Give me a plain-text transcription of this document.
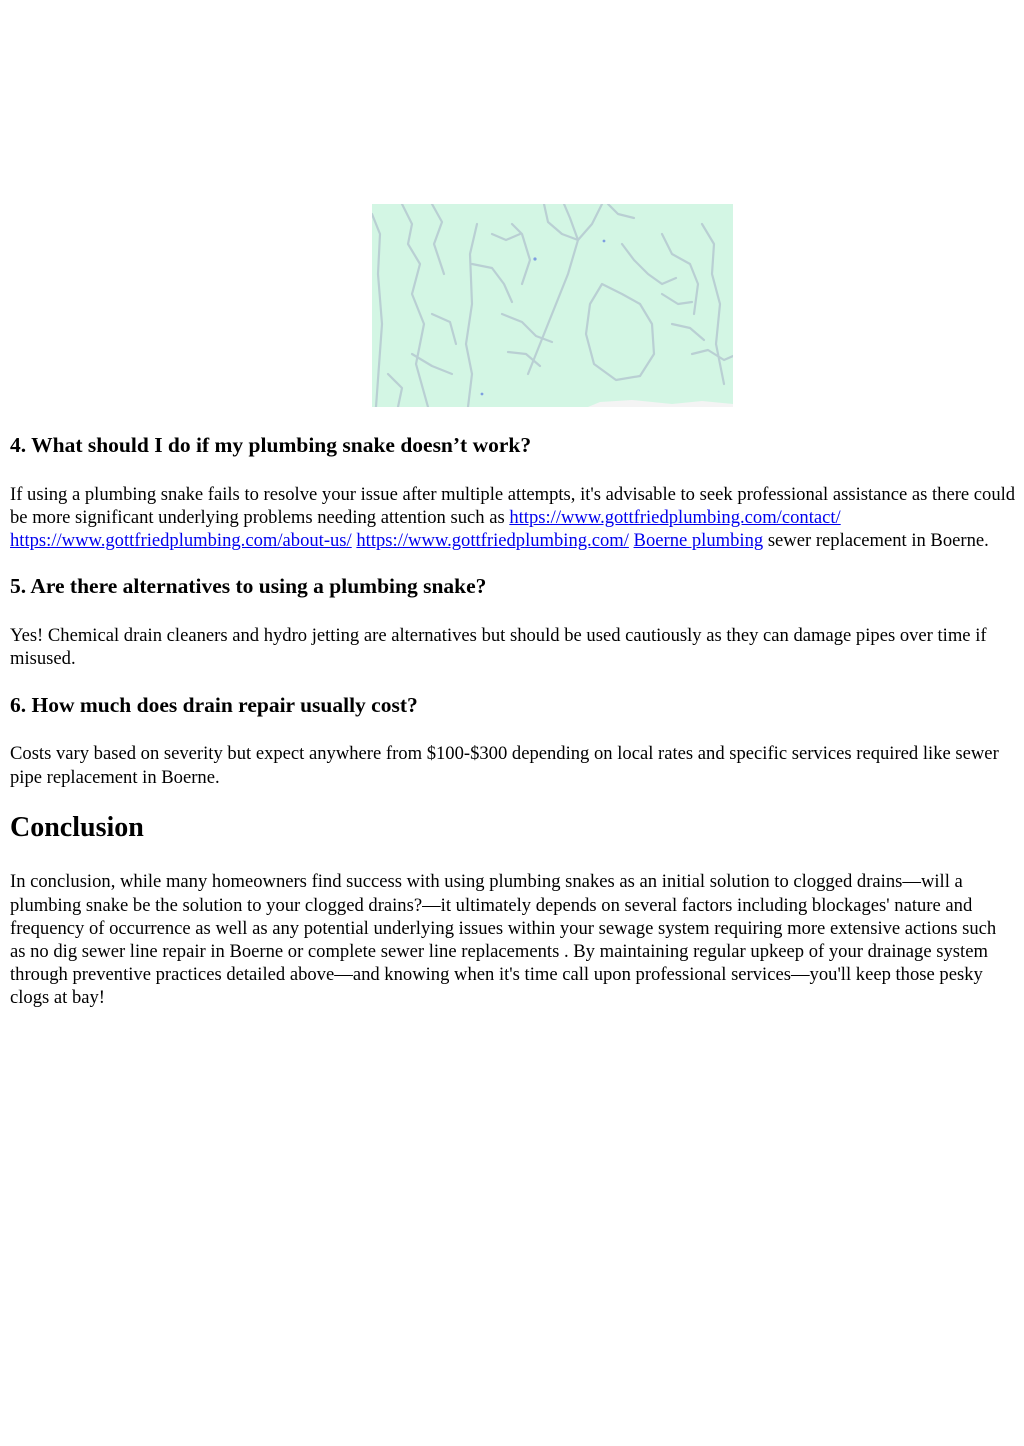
4. What should I do if my plumbing snake doesn’t work?

If using a plumbing snake fails to resolve your issue after multiple attempts, it's advisable to seek professional assistance as there could be more significant underlying problems needing attention such as https://www.gottfriedplumbing.com/contact/ https://www.gottfriedplumbing.com/about-us/ https://www.gottfriedplumbing.com/ Boerne plumbing sewer replacement in Boerne.

5. Are there alternatives to using a plumbing snake?

Yes! Chemical drain cleaners and hydro jetting are alternatives but should be used cautiously as they can damage pipes over time if misused.

6. How much does drain repair usually cost?

Costs vary based on severity but expect anywhere from $100-$300 depending on local rates and specific services required like sewer pipe replacement in Boerne.

Conclusion

In conclusion, while many homeowners find success with using plumbing snakes as an initial solution to clogged drains—will a plumbing snake be the solution to your clogged drains?—it ultimately depends on several factors including blockages' nature and frequency of occurrence as well as any potential underlying issues within your sewage system requiring more extensive actions such as no dig sewer line repair in Boerne or complete sewer line replacements . By maintaining regular upkeep of your drainage system through preventive practices detailed above—and knowing when it's time call upon professional services—you'll keep those pesky clogs at bay!
